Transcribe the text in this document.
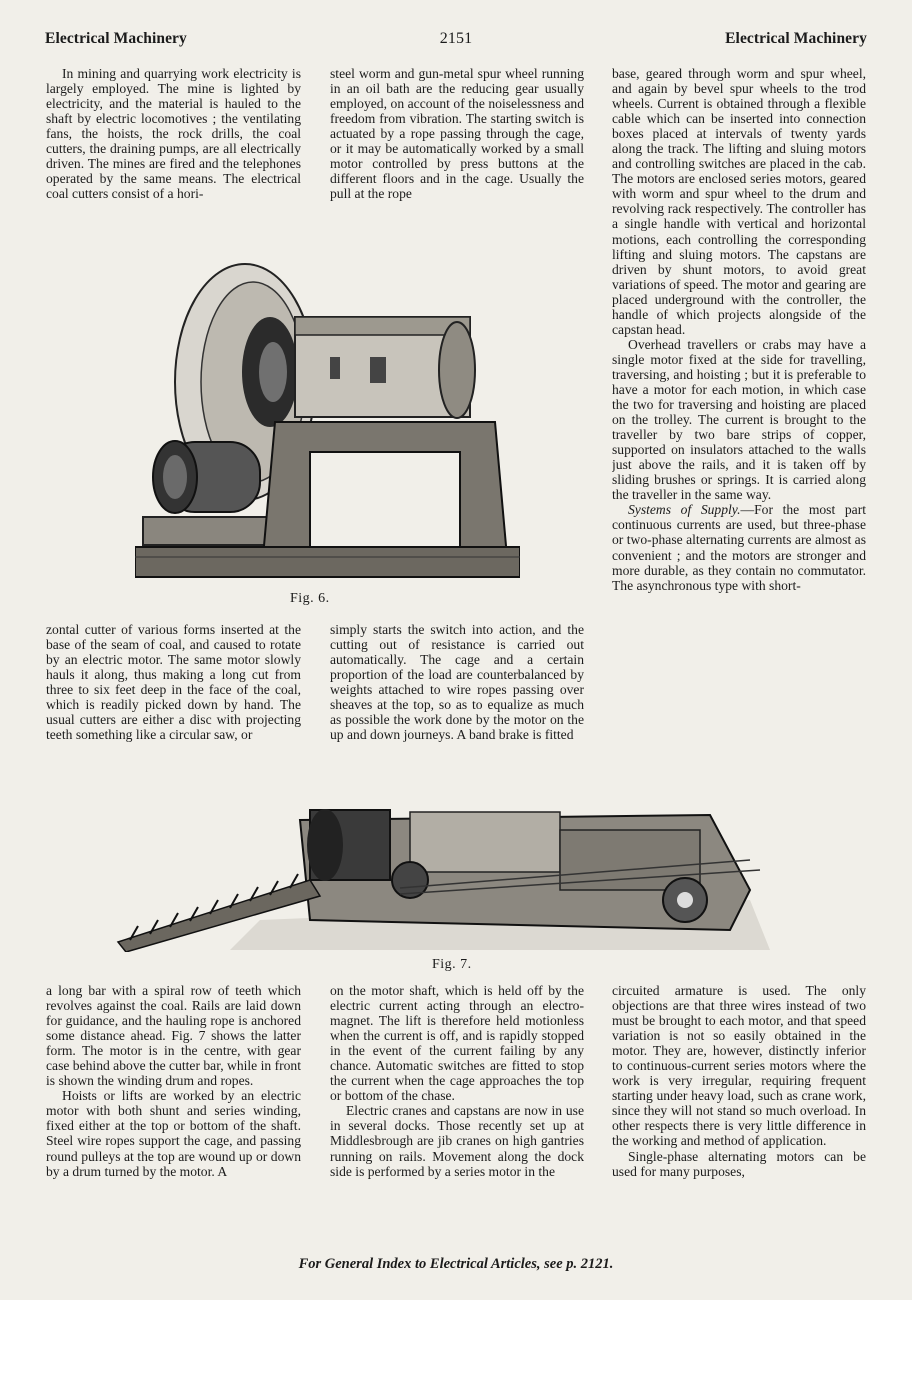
Electrical Machinery	2151	Electrical Machinery

In mining and quarrying work electricity is largely employed. The mine is lighted by electricity, and the material is hauled to the shaft by electric locomotives ; the ventilating fans, the hoists, the rock drills, the coal cutters, the draining pumps, are all electrically driven. The mines are fired and the telephones operated by the same means. The electrical coal cutters consist of a hori-

steel worm and gun-metal spur wheel running in an oil bath are the reducing gear usually employed, on account of the noiselessness and freedom from vibration. The starting switch is actuated by a rope passing through the cage, or it may be automatically worked by a small motor controlled by press buttons at the different floors and in the cage. Usually the pull at the rope

base, geared through worm and spur wheel, and again by bevel spur wheels to the trod wheels. Current is obtained through a flexible cable which can be inserted into connection boxes placed at intervals of twenty yards along the track. The lifting and sluing motors and controlling switches are placed in the cab. The motors are enclosed series motors, geared with worm and spur wheel to the drum and revolving rack respectively. The controller has a single handle with vertical and horizontal motions, each controlling the corresponding lifting and sluing motors. The capstans are driven by shunt motors, to avoid great variations of speed. The motor and gearing are placed underground with the controller, the handle of which projects alongside of the capstan head.

Overhead travellers or crabs may have a single motor fixed at the side for travelling, traversing, and hoisting ; but it is preferable to have a motor for each motion, in which case the two for traversing and hoisting are placed on the trolley. The current is brought to the traveller by two bare strips of copper, supported on insulators attached to the walls just above the rails, and it is taken off by sliding brushes or springs. It is carried along the traveller in the same way.

Systems of Supply.—For the most part continuous currents are used, but three-phase or two-phase alternating currents are almost as convenient ; and the motors are stronger and more durable, as they contain no commutator. The asynchronous type with short-

Fig. 6.

zontal cutter of various forms inserted at the base of the seam of coal, and caused to rotate by an electric motor. The same motor slowly hauls it along, thus making a long cut from three to six feet deep in the face of the coal, which is readily picked down by hand. The usual cutters are either a disc with projecting teeth something like a circular saw, or

simply starts the switch into action, and the cutting out of resistance is carried out automatically. The cage and a certain proportion of the load are counterbalanced by weights attached to wire ropes passing over sheaves at the top, so as to equalize as much as possible the work done by the motor on the up and down journeys. A band brake is fitted

Fig. 7.

a long bar with a spiral row of teeth which revolves against the coal. Rails are laid down for guidance, and the hauling rope is anchored some distance ahead. Fig. 7 shows the latter form. The motor is in the centre, with gear case behind above the cutter bar, while in front is shown the winding drum and ropes.

Hoists or lifts are worked by an electric motor with both shunt and series winding, fixed either at the top or bottom of the shaft. Steel wire ropes support the cage, and passing round pulleys at the top are wound up or down by a drum turned by the motor. A

on the motor shaft, which is held off by the electric current acting through an electro-magnet. The lift is therefore held motionless when the current is off, and is rapidly stopped in the event of the current failing by any chance. Automatic switches are fitted to stop the current when the cage approaches the top or bottom of the chase.

Electric cranes and capstans are now in use in several docks. Those recently set up at Middlesbrough are jib cranes on high gantries running on rails. Movement along the dock side is performed by a series motor in the

circuited armature is used. The only objections are that three wires instead of two must be brought to each motor, and that speed variation is not so easily obtained in the motor. They are, however, distinctly inferior to continuous-current series motors where the work is very irregular, requiring frequent starting under heavy load, such as crane work, since they will not stand so much overload. In other respects there is very little difference in the working and method of application.

Single-phase alternating motors can be used for many purposes,

For General Index to Electrical Articles, see p. 2121.
